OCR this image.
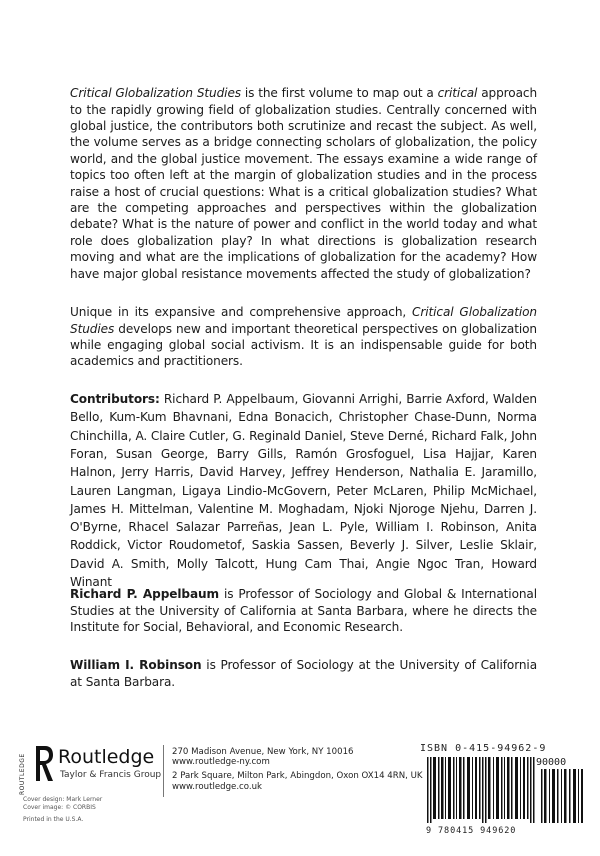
Critical Globalization Studies is the first volume to map out a critical approach to the rapidly growing field of globalization studies. Centrally concerned with global justice, the contributors both scrutinize and recast the subject. As well, the volume serves as a bridge connecting scholars of globalization, the policy world, and the global justice movement. The essays examine a wide range of topics too often left at the margin of globalization studies and in the process raise a host of crucial questions: What is a critical globalization studies? What are the competing approaches and perspectives within the globalization debate? What is the nature of power and conflict in the world today and what role does globalization play? In what directions is globalization research moving and what are the implications of globalization for the academy? How have major global resistance movements affected the study of globalization?

Unique in its expansive and comprehensive approach, Critical Globalization Studies develops new and important theoretical perspectives on globalization while engaging global social activism. It is an indispensable guide for both academics and practitioners.

Contributors: Richard P. Appelbaum, Giovanni Arrighi, Barrie Axford, Walden Bello, Kum-Kum Bhavnani, Edna Bonacich, Christopher Chase-Dunn, Norma Chinchilla, A. Claire Cutler, G. Reginald Daniel, Steve Derné, Richard Falk, John Foran, Susan George, Barry Gills, Ramón Grosfoguel, Lisa Hajjar, Karen Halnon, Jerry Harris, David Harvey, Jeffrey Henderson, Nathalia E. Jaramillo, Lauren Langman, Ligaya Lindio-McGovern, Peter McLaren, Philip McMichael, James H. Mittelman, Valentine M. Moghadam, Njoki Njoroge Njehu, Darren J. O'Byrne, Rhacel Salazar Parreñas, Jean L. Pyle, William I. Robinson, Anita Roddick, Victor Roudometof, Saskia Sassen, Beverly J. Silver, Leslie Sklair, David A. Smith, Molly Talcott, Hung Cam Thai, Angie Ngoc Tran, Howard Winant

Richard P. Appelbaum is Professor of Sociology and Global & International Studies at the University of California at Santa Barbara, where he directs the Institute for Social, Behavioral, and Economic Research.

William I. Robinson is Professor of Sociology at the University of California at Santa Barbara.

ROUTLEDGE Routledge
Taylor & Francis Group
Cover design: Mark Lerner
Cover image: © CORBIS
Printed in the U.S.A.
270 Madison Avenue, New York, NY 10016
www.routledge-ny.com
2 Park Square, Milton Park, Abingdon, Oxon OX14 4RN, UK
www.routledge.co.uk
ISBN 0-415-94962-9
90000
9 780415 949620
